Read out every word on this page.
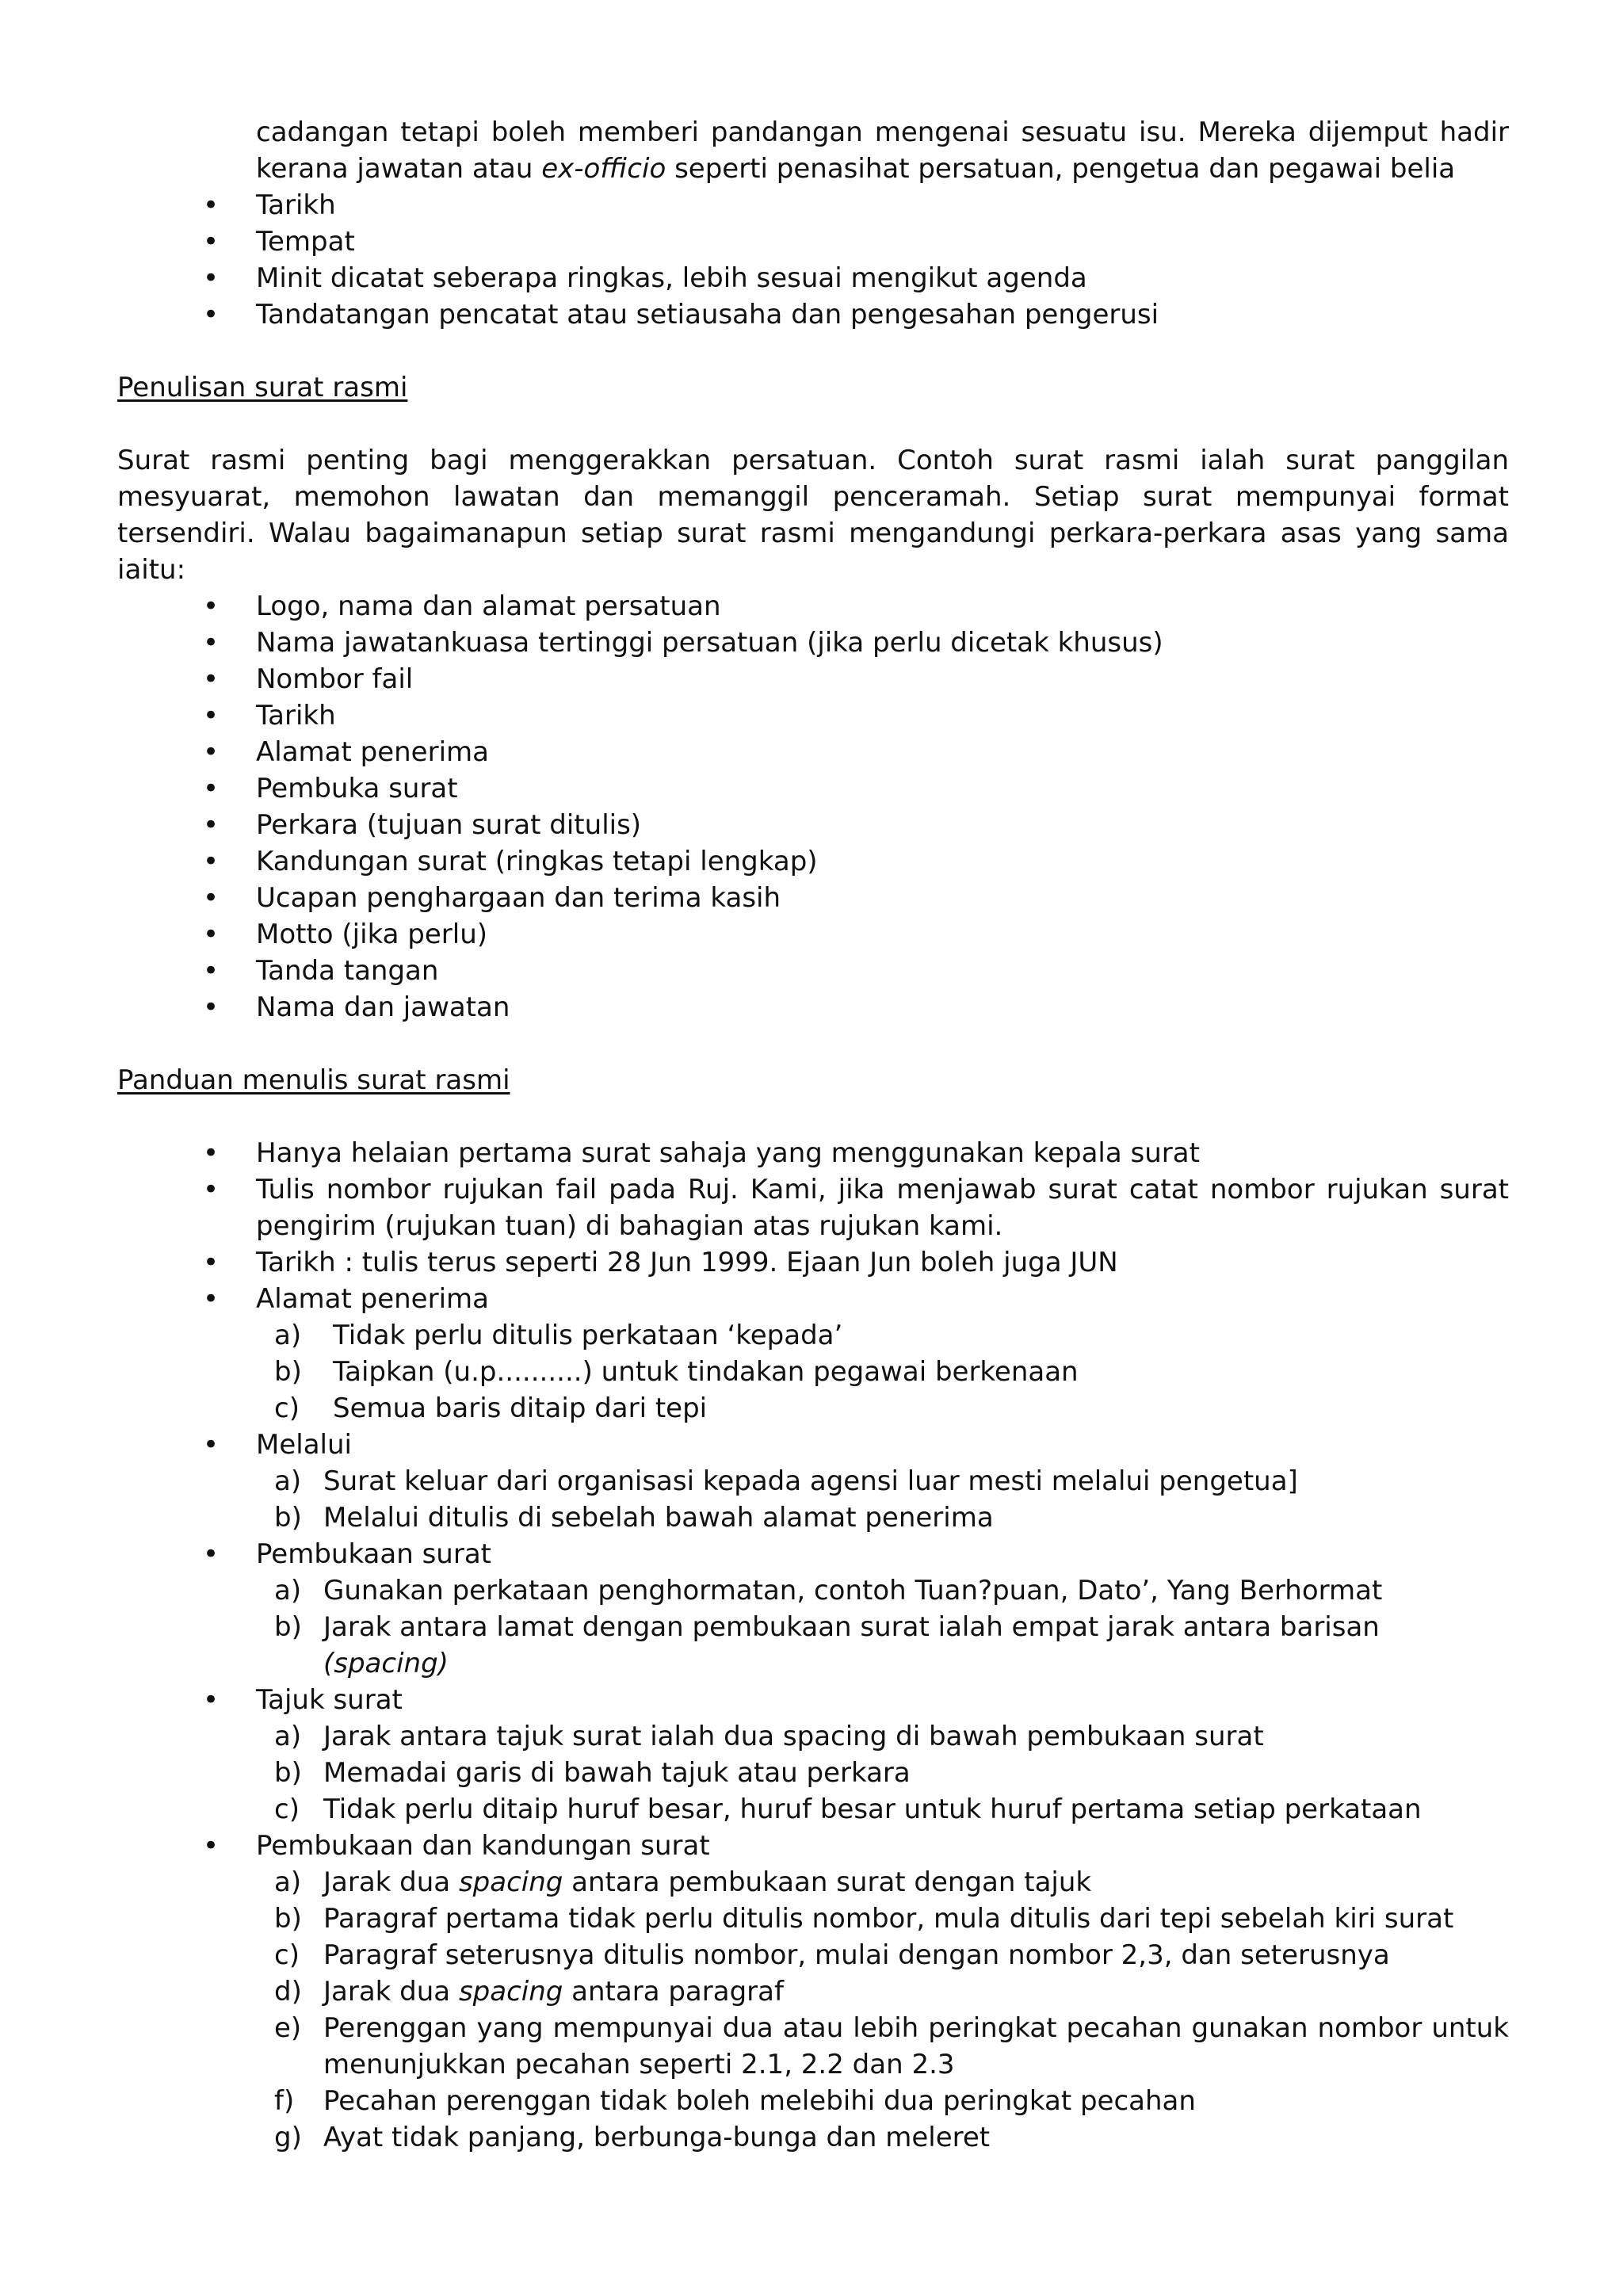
cadangan tetapi boleh memberi pandangan mengenai sesuatu isu. Mereka dijemput hadir kerana jawatan atau ex-officio seperti penasihat persatuan, pengetua dan pegawai belia
• Tarikh
• Tempat
• Minit dicatat seberapa ringkas, lebih sesuai mengikut agenda
• Tandatangan pencatat atau setiausaha dan pengesahan pengerusi
Penulisan surat rasmi
Surat rasmi penting bagi menggerakkan persatuan. Contoh surat rasmi ialah surat panggilan mesyuarat, memohon lawatan dan memanggil penceramah. Setiap surat mempunyai format tersendiri. Walau bagaimanapun setiap surat rasmi mengandungi perkara-perkara asas yang sama iaitu:
• Logo, nama dan alamat persatuan
• Nama jawatankuasa tertinggi persatuan (jika perlu dicetak khusus)
• Nombor fail
• Tarikh
• Alamat penerima
• Pembuka surat
• Perkara (tujuan surat ditulis)
• Kandungan surat (ringkas tetapi lengkap)
• Ucapan penghargaan dan terima kasih
• Motto (jika perlu)
• Tanda tangan
• Nama dan jawatan
Panduan menulis surat rasmi
• Hanya helaian pertama surat sahaja yang menggunakan kepala surat
• Tulis nombor rujukan fail pada Ruj. Kami, jika menjawab surat catat nombor rujukan surat pengirim (rujukan tuan) di bahagian atas rujukan kami.
• Tarikh : tulis terus seperti 28 Jun 1999. Ejaan Jun boleh juga JUN
• Alamat penerima
a) Tidak perlu ditulis perkataan ‘kepada’
b) Taipkan (u.p..........) untuk tindakan pegawai berkenaan
c) Semua baris ditaip dari tepi
• Melalui
a) Surat keluar dari organisasi kepada agensi luar mesti melalui pengetua]
b) Melalui ditulis di sebelah bawah alamat penerima
• Pembukaan surat
a) Gunakan perkataan penghormatan, contoh Tuan?puan, Dato’, Yang Berhormat
b) Jarak antara lamat dengan pembukaan surat ialah empat jarak antara barisan (spacing)
• Tajuk surat
a) Jarak antara tajuk surat ialah dua spacing di bawah pembukaan surat
b) Memadai garis di bawah tajuk atau perkara
c) Tidak perlu ditaip huruf besar, huruf besar untuk huruf pertama setiap perkataan
• Pembukaan dan kandungan surat
a) Jarak dua spacing antara pembukaan surat dengan tajuk
b) Paragraf pertama tidak perlu ditulis nombor, mula ditulis dari tepi sebelah kiri surat
c) Paragraf seterusnya ditulis nombor, mulai dengan nombor 2,3, dan seterusnya
d) Jarak dua spacing antara paragraf
e) Perenggan yang mempunyai dua atau lebih peringkat pecahan gunakan nombor untuk menunjukkan pecahan seperti 2.1, 2.2 dan 2.3
f) Pecahan perenggan tidak boleh melebihi dua peringkat pecahan
g) Ayat tidak panjang, berbunga-bunga dan meleret
